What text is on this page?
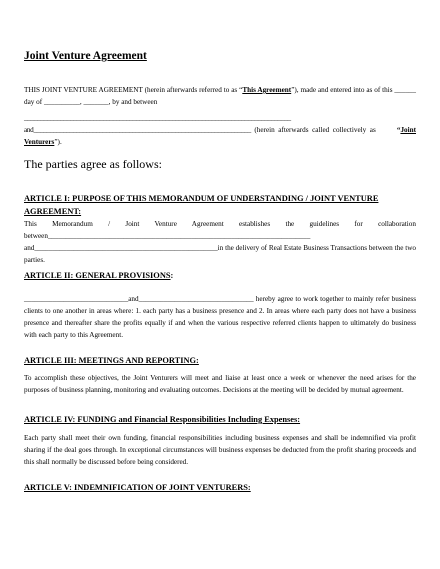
Joint Venture Agreement

THIS JOINT VENTURE AGREEMENT (herein afterwards referred to as “This Agreement”), made and entered into as of this ______ day of __________, _______, by and between

_________________________________________________________________________________
and__________________________________________________________________ (herein afterwards called collectively as	“Joint Venturers”).

The parties agree as follows:

ARTICLE I: PURPOSE OF THIS MEMORANDUM OF UNDERSTANDING / JOINT VENTURE AGREEMENT:

This Memorandum / Joint Venture Agreement establishes the guidelines for collaboration between_________________________________________________________________________ and___________________________________________________in the delivery of Real Estate Business Transactions between the two parties.

ARTICLE II: GENERAL PROVISIONS:

_____________________________and________________________________ hereby agree to work together to mainly refer business clients to one another in areas where: 1. each party has a business presence and 2. In areas where each party does not have a business presence and thereafter share the profits equally if and when the various respective referred clients happen to ultimately do business with each party to this Agreement.

ARTICLE III: MEETINGS AND REPORTING:

To accomplish these objectives, the Joint Venturers will meet and liaise at least once a week or whenever the need arises for the purposes of business planning, monitoring and evaluating outcomes. Decisions at the meeting will be decided by mutual agreement.

ARTICLE IV: FUNDING and Financial Responsibilities Including Expenses:

Each party shall meet their own funding, financial responsibilities including business expenses and shall be indemnified via profit sharing if the deal goes through. In exceptional circumstances will business expenses be deducted from the profit sharing proceeds and this shall normally be discussed before being considered.

ARTICLE V: INDEMNIFICATION OF JOINT VENTURERS:
